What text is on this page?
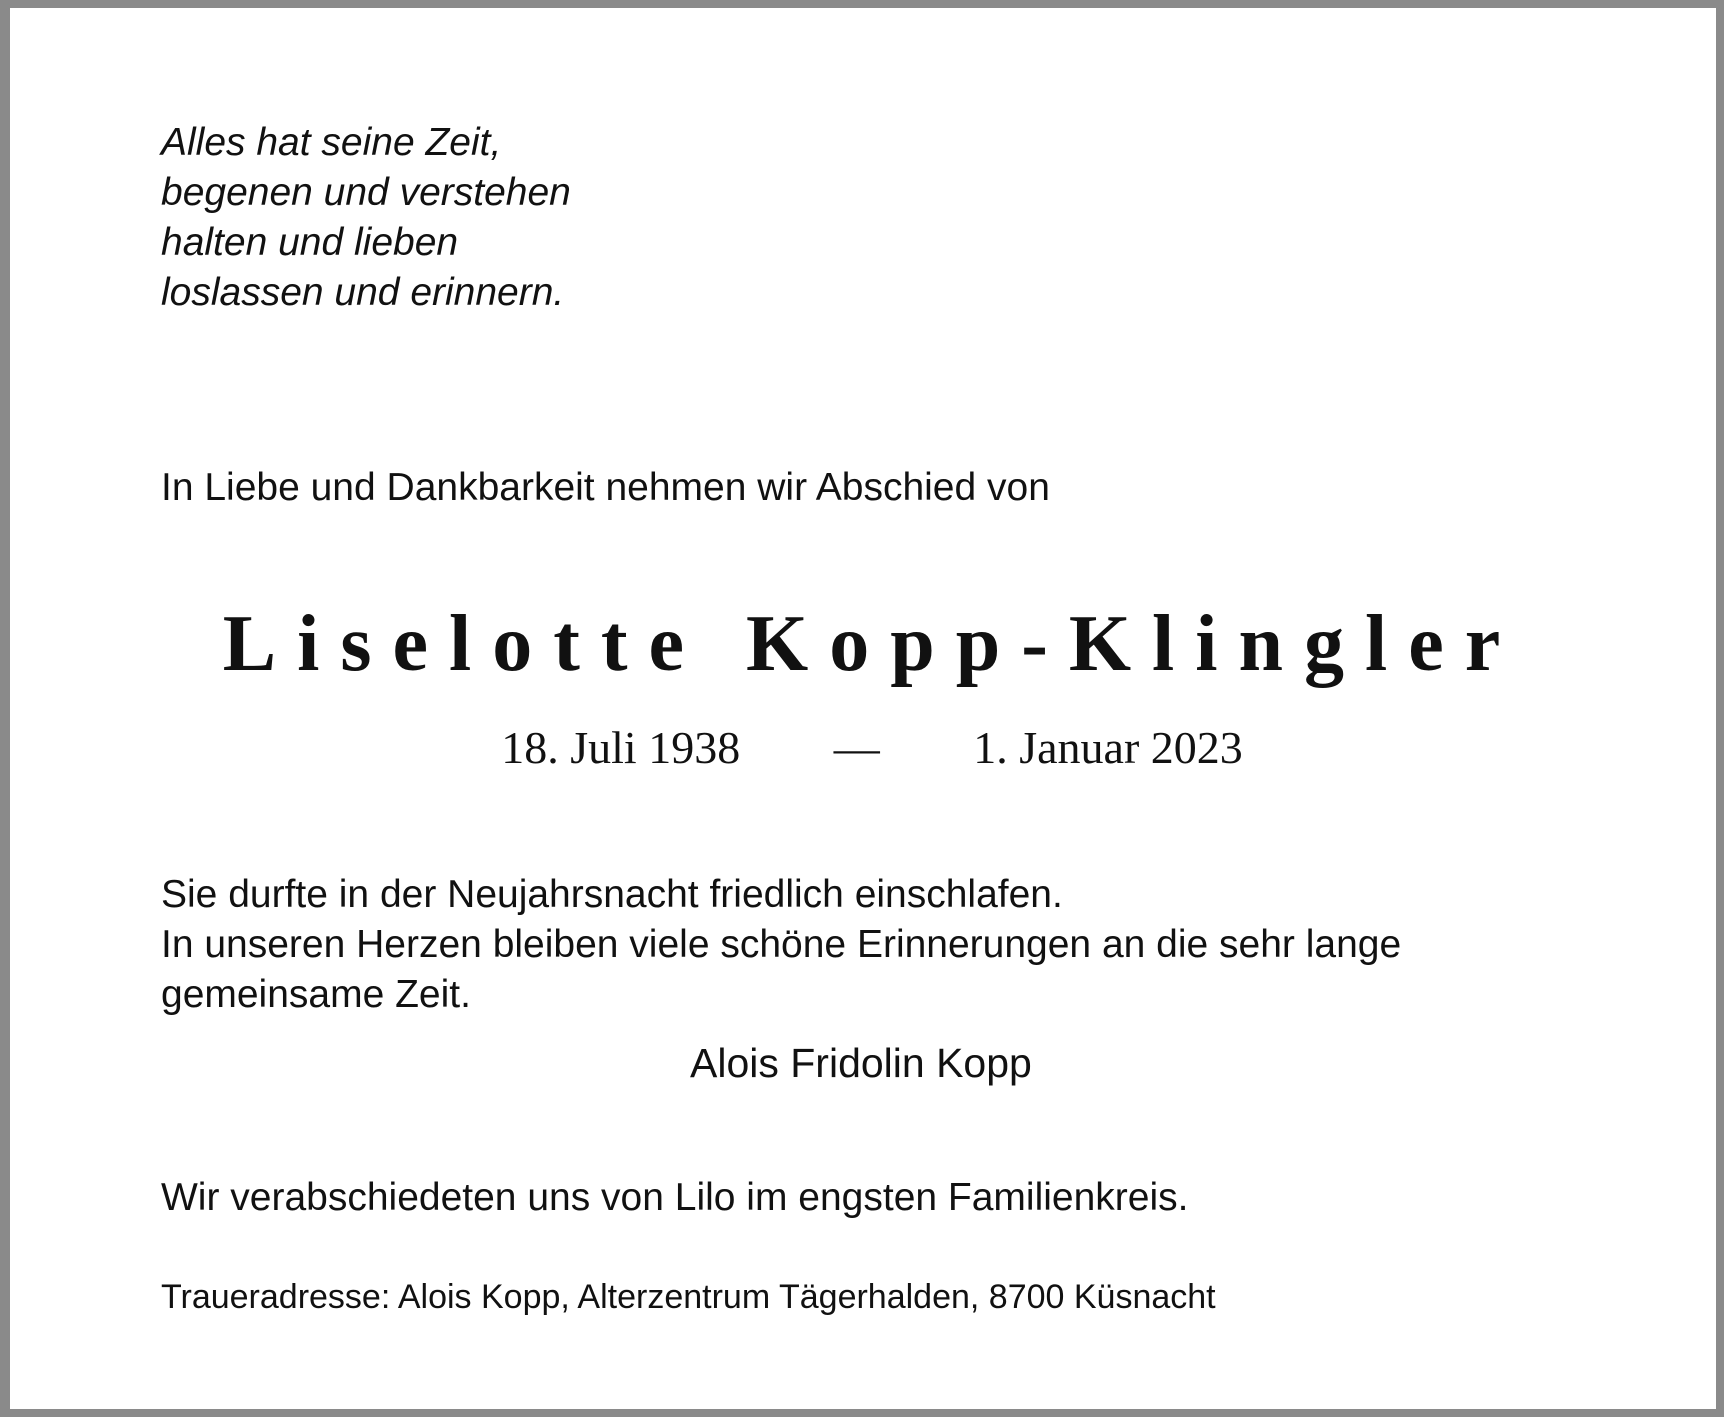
Alles hat seine Zeit,
begenen und verstehen
halten und lieben
loslassen und erinnern.
In Liebe und Dankbarkeit nehmen wir Abschied von
Liselotte Kopp-Klingler
18. Juli 1938 — 1. Januar 2023
Sie durfte in der Neujahrsnacht friedlich einschlafen.
In unseren Herzen bleiben viele schöne Erinnerungen an die sehr lange
gemeinsame Zeit.
Alois Fridolin Kopp
Wir verabschiedeten uns von Lilo im engsten Familienkreis.
Traueradresse: Alois Kopp, Alterzentrum Tägerhalden, 8700 Küsnacht
